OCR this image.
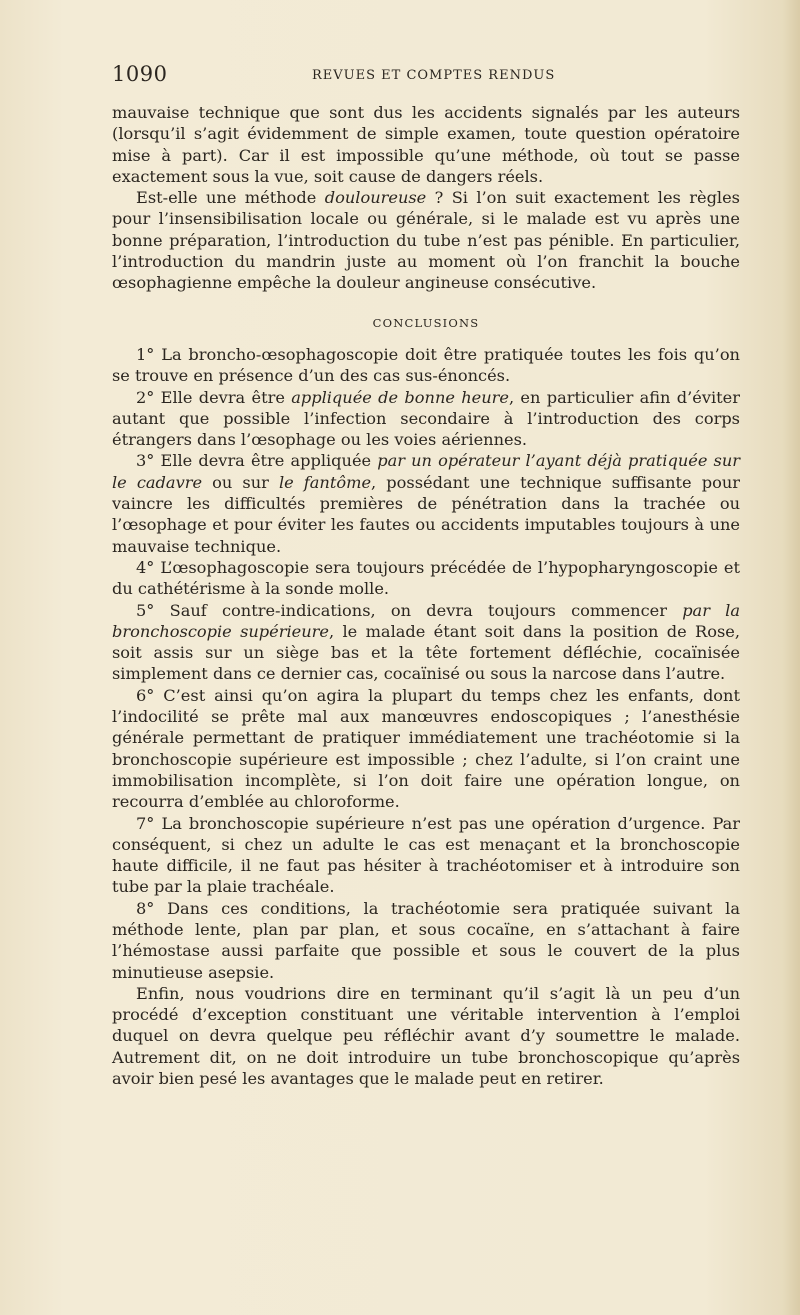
1090	REVUES ET COMPTES RENDUS

mauvaise technique que sont dus les accidents signalés par les auteurs (lorsqu’il s’agit évidemment de simple examen, toute question opératoire mise à part). Car il est impossible qu’une méthode, où tout se passe exactement sous la vue, soit cause de dangers réels.

Est-elle une méthode douloureuse ? Si l’on suit exactement les règles pour l’insensibilisation locale ou générale, si le malade est vu après une bonne préparation, l’introduction du tube n’est pas pénible. En particulier, l’introduction du mandrin juste au moment où l’on franchit la bouche œsophagienne empêche la douleur angineuse consécutive.

CONCLUSIONS

1° La broncho-œsophagoscopie doit être pratiquée toutes les fois qu’on se trouve en présence d’un des cas sus-énoncés.

2° Elle devra être appliquée de bonne heure, en particulier afin d’éviter autant que possible l’infection secondaire à l’introduction des corps étrangers dans l’œsophage ou les voies aériennes.

3° Elle devra être appliquée par un opérateur l’ayant déjà pratiquée sur le cadavre ou sur le fantôme, possédant une technique suffisante pour vaincre les difficultés premières de pénétration dans la trachée ou l’œsophage et pour éviter les fautes ou accidents imputables toujours à une mauvaise technique.

4° L’œsophagoscopie sera toujours précédée de l’hypopharyngoscopie et du cathétérisme à la sonde molle.

5° Sauf contre-indications, on devra toujours commencer par la bronchoscopie supérieure, le malade étant soit dans la position de Rose, soit assis sur un siège bas et la tête fortement défléchie, cocaïnisée simplement dans ce dernier cas, cocaïnisé ou sous la narcose dans l’autre.

6° C’est ainsi qu’on agira la plupart du temps chez les enfants, dont l’indocilité se prête mal aux manœuvres endoscopiques ; l’anesthésie générale permettant de pratiquer immédiatement une trachéotomie si la bronchoscopie supérieure est impossible ; chez l’adulte, si l’on craint une immobilisation incomplète, si l’on doit faire une opération longue, on recourra d’emblée au chloroforme.

7° La bronchoscopie supérieure n’est pas une opération d’urgence. Par conséquent, si chez un adulte le cas est menaçant et la bronchoscopie haute difficile, il ne faut pas hésiter à trachéotomiser et à introduire son tube par la plaie trachéale.

8° Dans ces conditions, la trachéotomie sera pratiquée suivant la méthode lente, plan par plan, et sous cocaïne, en s’attachant à faire l’hémostase aussi parfaite que possible et sous le couvert de la plus minutieuse asepsie.

Enfin, nous voudrions dire en terminant qu’il s’agit là un peu d’un procédé d’exception constituant une véritable intervention à l’emploi duquel on devra quelque peu réfléchir avant d’y soumettre le malade. Autrement dit, on ne doit introduire un tube bronchoscopique qu’après avoir bien pesé les avantages que le malade peut en retirer.
